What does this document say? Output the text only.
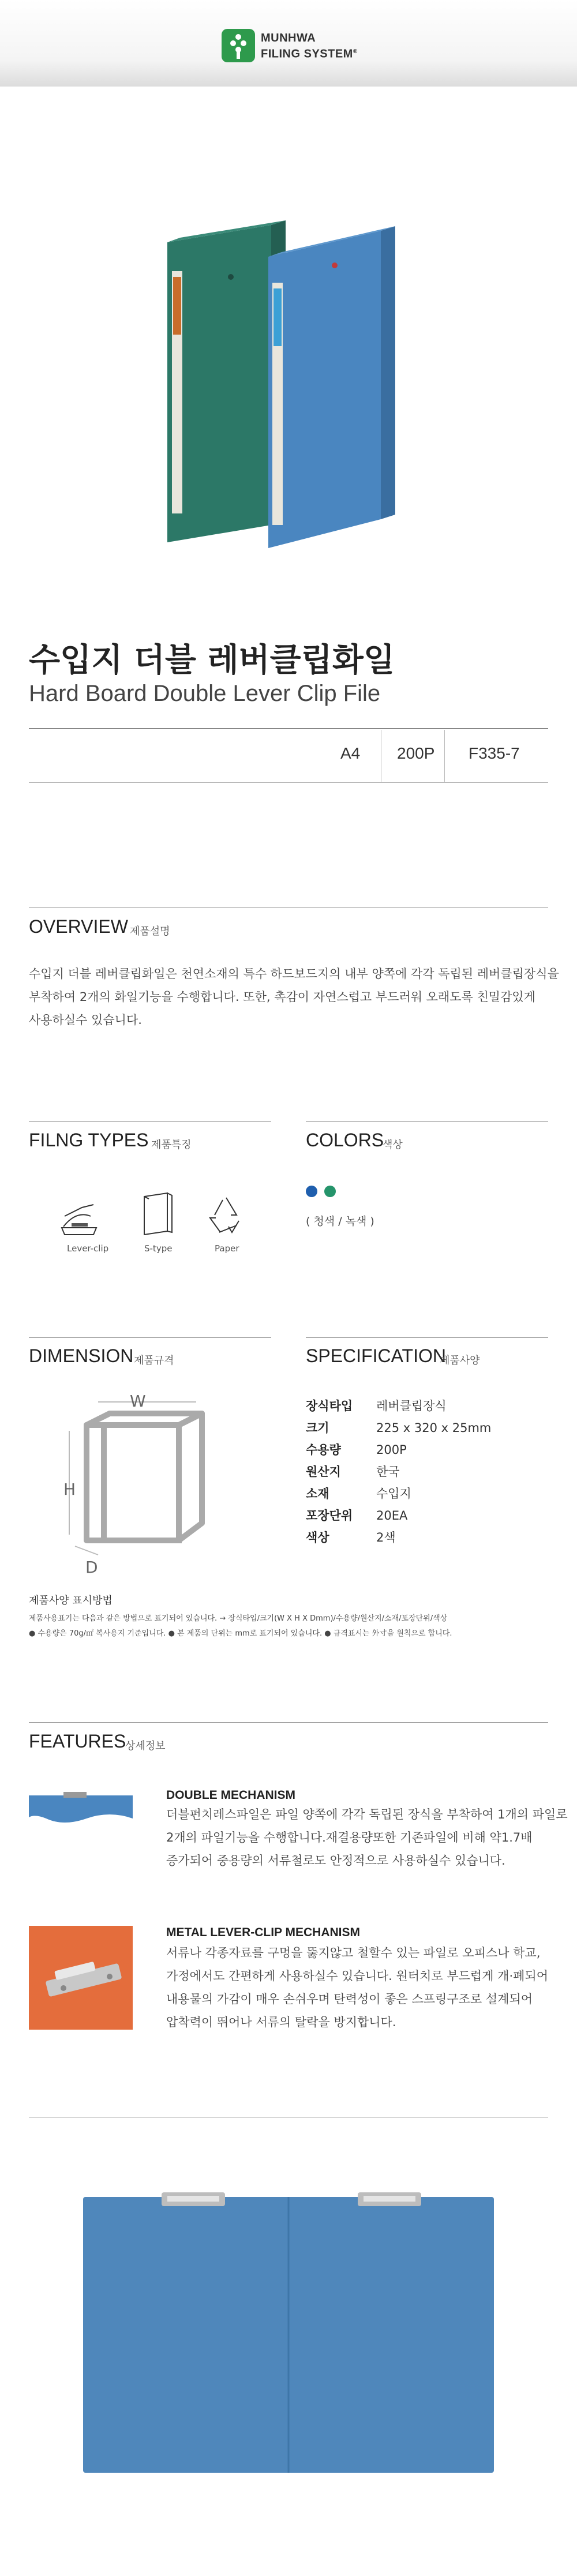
MUNHWA
FILING SYSTEM®
수입지 더블 레버클립화일
Hard Board Double Lever Clip File
A4 200P F335-7
OVERVIEW 제품설명
수입지 더블 레버클립화일은 천연소재의 특수 하드보드지의 내부 양쪽에 각각 독립된 레버클립장식을
부착하여 2개의 화일기능을 수행합니다. 또한, 촉감이 자연스럽고 부드러워 오래도록 친밀감있게
사용하실수 있습니다.
FILNG TYPES 제품특징
Lever-clip	S-type	Paper
COLORS
색상
( 청색 / 녹색 )
DIMENSION 제품규격
W
H
D
SPECIFICATION
제품사양
장식타입 레버클립장식
크기	225 x 320 x 25mm
수용량	200P
원산지	한국
소재	수입지
포장단위 20EA
색상	2색
제품사양 표시방법
제품사용표기는 다음과 같은 방법으로 표기되어 있습니다. → 장식타입/크기(W X H X Dmm)/수용량/원산지/소재/포장단위/색상
● 수용량은 70g/㎡ 복사용지 기준입니다. ● 본 제품의 단위는 mm로 표기되어 있습니다. ● 규격표시는 外寸을 원칙으로 합니다.
FEATURES
상세정보
DOUBLE MECHANISM
더블펀치레스파일은 파일 양쪽에 각각 독립된 장식을 부착하여 1개의 파일로
2개의 파일기능을 수행합니다.재결용량또한 기존파일에 비해 약1.7배
증가되어 중용량의 서류철로도 안정적으로 사용하실수 있습니다.
METAL LEVER-CLIP MECHANISM
서류나 각종자료를 구멍을 뚫지않고 철할수 있는 파일로 오피스나 학교,
가정에서도 간편하게 사용하실수 있습니다. 원터치로 부드럽게 개·폐되어
내용물의 가감이 매우 손쉬우며 탄력성이 좋은 스프링구조로 설계되어
압착력이 뛰어나 서류의 탈락을 방지합니다.
